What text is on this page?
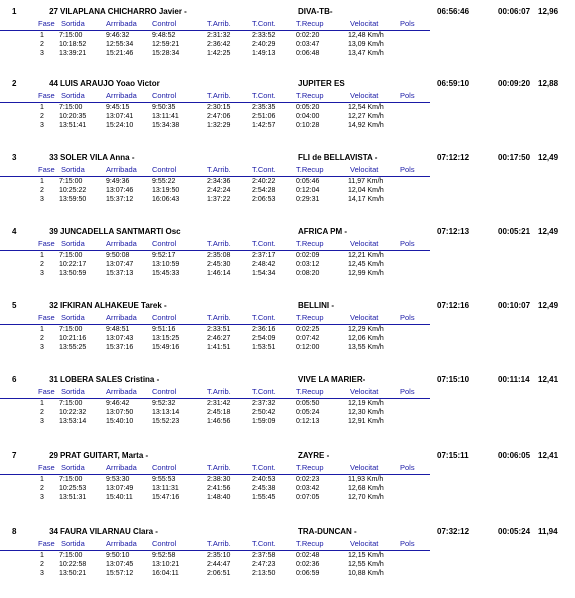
1	27 VILAPLANA CHICHARRO Javier -	DIVA-TB-	06:56:46	00:06:07 12,96
Fase Sortida	Arrribada Control	T.Arrib.	T.Cont.	T.Recup	Velocitat	Pols
1 7:15:00	9:46:32	9:48:52	2:31:32	2:33:52	0:02:20	12,48 Km/h
2 10:18:52	12:55:34	12:59:21	2:36:42	2:40:29	0:03:47	13,09 Km/h
3 13:39:21	15:21:46	15:28:34	1:42:25	1:49:13	0:06:48	13,47 Km/h
2	44 LUIS ARAUJO Yoao Victor	JUPITER ES	06:59:10	00:09:20 12,88
Fase Sortida	Arrribada Control	T.Arrib.	T.Cont.	T.Recup	Velocitat	Pols
1 7:15:00	9:45:15	9:50:35	2:30:15	2:35:35	0:05:20	12,54 Km/h
2 10:20:35	13:07:41	13:11:41	2:47:06	2:51:06	0:04:00	12,27 Km/h
3 13:51:41	15:24:10	15:34:38	1:32:29	1:42:57	0:10:28	14,92 Km/h
3	33 SOLER VILA Anna -	FLI de BELLAVISTA -	07:12:12	00:17:50 12,49
Fase Sortida	Arrribada Control	T.Arrib.	T.Cont.	T.Recup	Velocitat	Pols
1 7:15:00	9:49:36	9:55:22	2:34:36	2:40:22	0:05:46	11,97 Km/h
2 10:25:22	13:07:46	13:19:50	2:42:24	2:54:28	0:12:04	12,04 Km/h
3 13:59:50	15:37:12	16:06:43	1:37:22	2:06:53	0:29:31	14,17 Km/h
4	39 JUNCADELLA SANTMARTI Osc	AFRICA PM -	07:12:13	00:05:21 12,49
Fase Sortida	Arrribada Control	T.Arrib.	T.Cont.	T.Recup	Velocitat	Pols
1 7:15:00	9:50:08	9:52:17	2:35:08	2:37:17	0:02:09	12,21 Km/h
2 10:22:17	13:07:47	13:10:59	2:45:30	2:48:42	0:03:12	12,45 Km/h
3 13:50:59	15:37:13	15:45:33	1:46:14	1:54:34	0:08:20	12,99 Km/h
5	32 IFKIRAN ALHAKEUE Tarek -	BELLINI -	07:12:16	00:10:07 12,49
Fase Sortida	Arrribada Control	T.Arrib.	T.Cont.	T.Recup	Velocitat	Pols
1 7:15:00	9:48:51	9:51:16	2:33:51	2:36:16	0:02:25	12,29 Km/h
2 10:21:16	13:07:43	13:15:25	2:46:27	2:54:09	0:07:42	12,06 Km/h
3 13:55:25	15:37:16	15:49:16	1:41:51	1:53:51	0:12:00	13,55 Km/h
6	31 LOBERA SALES Cristina -	VIVE LA MARIER-	07:15:10	00:11:14 12,41
Fase Sortida	Arrribada Control	T.Arrib.	T.Cont.	T.Recup	Velocitat	Pols
1 7:15:00	9:46:42	9:52:32	2:31:42	2:37:32	0:05:50	12,19 Km/h
2 10:22:32	13:07:50	13:13:14	2:45:18	2:50:42	0:05:24	12,30 Km/h
3 13:53:14	15:40:10	15:52:23	1:46:56	1:59:09	0:12:13	12,91 Km/h
7	29 PRAT GUITART, Marta -	ZAYRE -	07:15:11	00:06:05 12,41
Fase Sortida	Arrribada Control	T.Arrib.	T.Cont.	T.Recup	Velocitat	Pols
1 7:15:00	9:53:30	9:55:53	2:38:30	2:40:53	0:02:23	11,93 Km/h
2 10:25:53	13:07:49	13:11:31	2:41:56	2:45:38	0:03:42	12,68 Km/h
3 13:51:31	15:40:11	15:47:16	1:48:40	1:55:45	0:07:05	12,70 Km/h
8	34 FAURA VILARNAU Clara -	TRA-DUNCAN -	07:32:12	00:05:24 11,94
Fase Sortida	Arrribada Control	T.Arrib.	T.Cont.	T.Recup	Velocitat	Pols
1 7:15:00	9:50:10	9:52:58	2:35:10	2:37:58	0:02:48	12,15 Km/h
2 10:22:58	13:07:45	13:10:21	2:44:47	2:47:23	0:02:36	12,55 Km/h
3 13:50:21	15:57:12	16:04:11	2:06:51	2:13:50	0:06:59	10,88 Km/h
